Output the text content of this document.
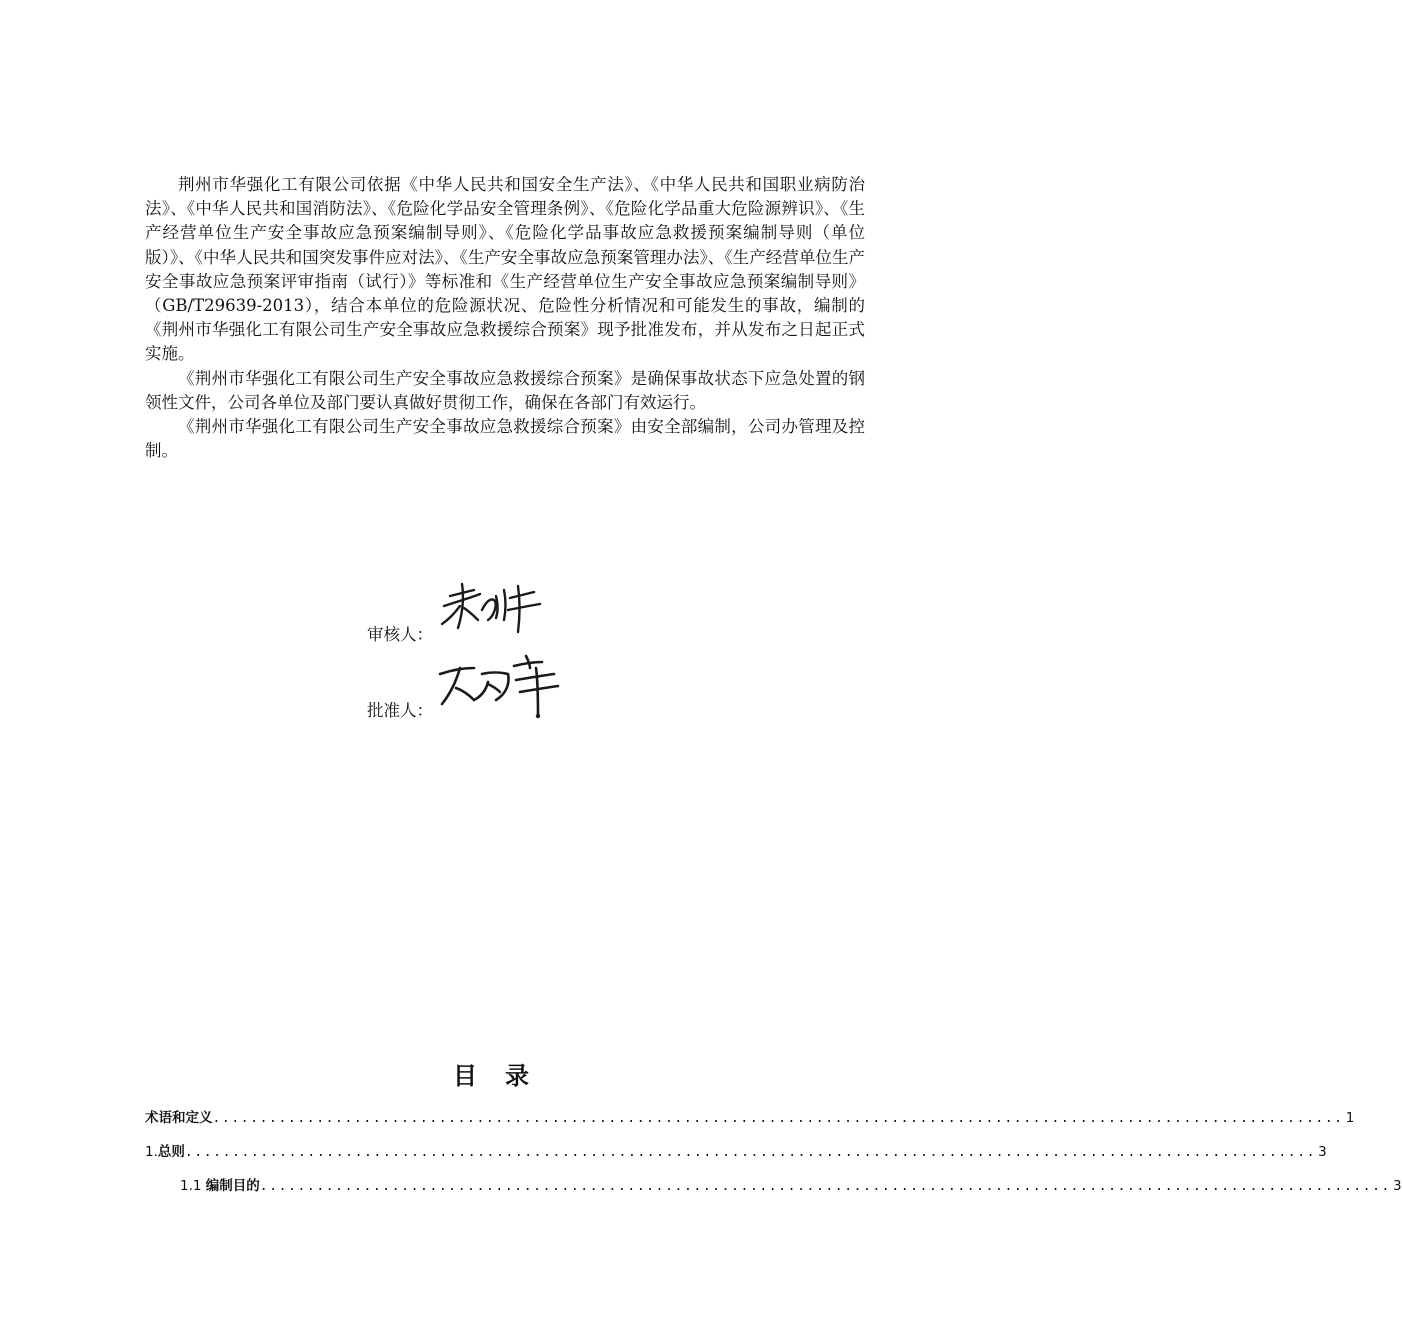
荆州市华强化工有限公司依据《中华人民共和国安全生产法》、《中华人民共和国职业病防治法》、《中华人民共和国消防法》、《危险化学品安全管理条例》、《危险化学品重大危险源辨识》、《生产经营单位生产安全事故应急预案编制导则》、《危险化学品事故应急救援预案编制导则（单位版）》、《中华人民共和国突发事件应对法》、《生产安全事故应急预案管理办法》、《生产经营单位生产安全事故应急预案评审指南（试行）》等标准和《生产经营单位生产安全事故应急预案编制导则》（GB/T29639-2013），结合本单位的危险源状况、危险性分析情况和可能发生的事故，编制的《荆州市华强化工有限公司生产安全事故应急救援综合预案》现予批准发布，并从发布之日起正式实施。

《荆州市华强化工有限公司生产安全事故应急救援综合预案》是确保事故状态下应急处置的钢领性文件，公司各单位及部门要认真做好贯彻工作，确保在各部门有效运行。

《荆州市华强化工有限公司生产安全事故应急救援综合预案》由安全部编制，公司办管理及控制。

审核人：
批准人：
目录
术语和定义 ........................................................................................................................ 1
1.总则 ........................................................................................................................ 3
1.1 编制目的 ........................................................................................................................ 3
